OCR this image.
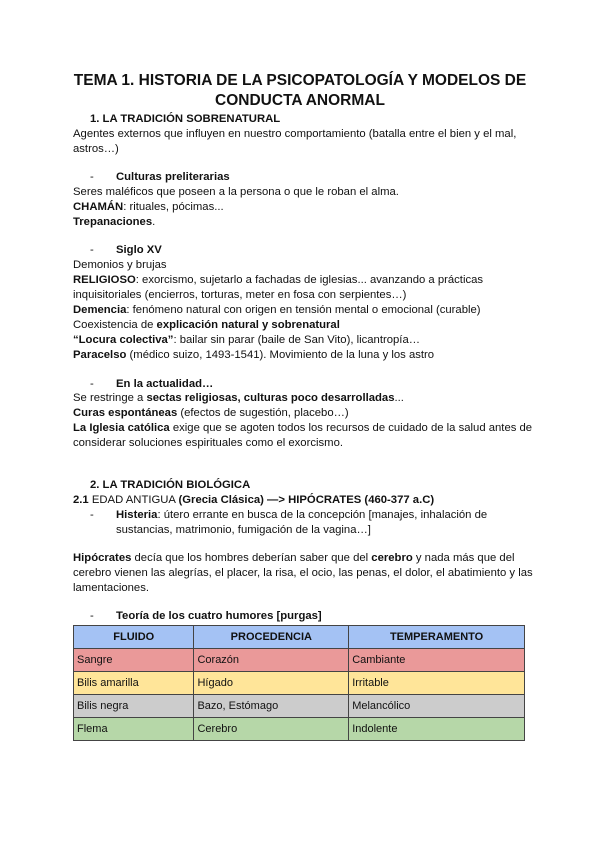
TEMA 1. HISTORIA DE LA PSICOPATOLOGÍA Y MODELOS DE CONDUCTA ANORMAL
1. LA TRADICIÓN SOBRENATURAL
Agentes externos que influyen en nuestro comportamiento (batalla entre el bien y el mal, astros…)
- Culturas preliterarias
Seres maléficos que poseen a la persona o que le roban el alma.
CHAMÁN: rituales, pócimas...
Trepanaciones.
- Siglo XV
Demonios y brujas
RELIGIOSO: exorcismo, sujetarlo a fachadas de iglesias... avanzando a prácticas
inquisitoriales (encierros, torturas, meter en fosa con serpientes…)
Demencia: fenómeno natural con origen en tensión mental o emocional (curable)
Coexistencia de explicación natural y sobrenatural
“Locura colectiva”: bailar sin parar (baile de San Vito), licantropía…
Paracelso (médico suizo, 1493-1541). Movimiento de la luna y los astro
- En la actualidad…
Se restringe a sectas religiosas, culturas poco desarrolladas...
Curas espontáneas (efectos de sugestión, placebo…)
La Iglesia católica exige que se agoten todos los recursos de cuidado de la salud antes de
considerar soluciones espirituales como el exorcismo.
2. LA TRADICIÓN BIOLÓGICA
2.1 EDAD ANTIGUA (Grecia Clásica) —> HIPÓCRATES (460-377 a.C)
- Histeria: útero errante en busca de la concepción [manajes, inhalación de
sustancias, matrimonio, fumigación de la vagina…]
Hipócrates decía que los hombres deberían saber que del cerebro y nada más que del
cerebro vienen las alegrías, el placer, la risa, el ocio, las penas, el dolor, el abatimiento y las
lamentaciones.
- Teoría de los cuatro humores [purgas]
FLUIDO	PROCEDENCIA	TEMPERAMENTO
Sangre	Corazón	Cambiante
Bilis amarilla	Hígado	Irritable
Bilis negra	Bazo, Estómago	Melancólico
Flema	Cerebro	Indolente
